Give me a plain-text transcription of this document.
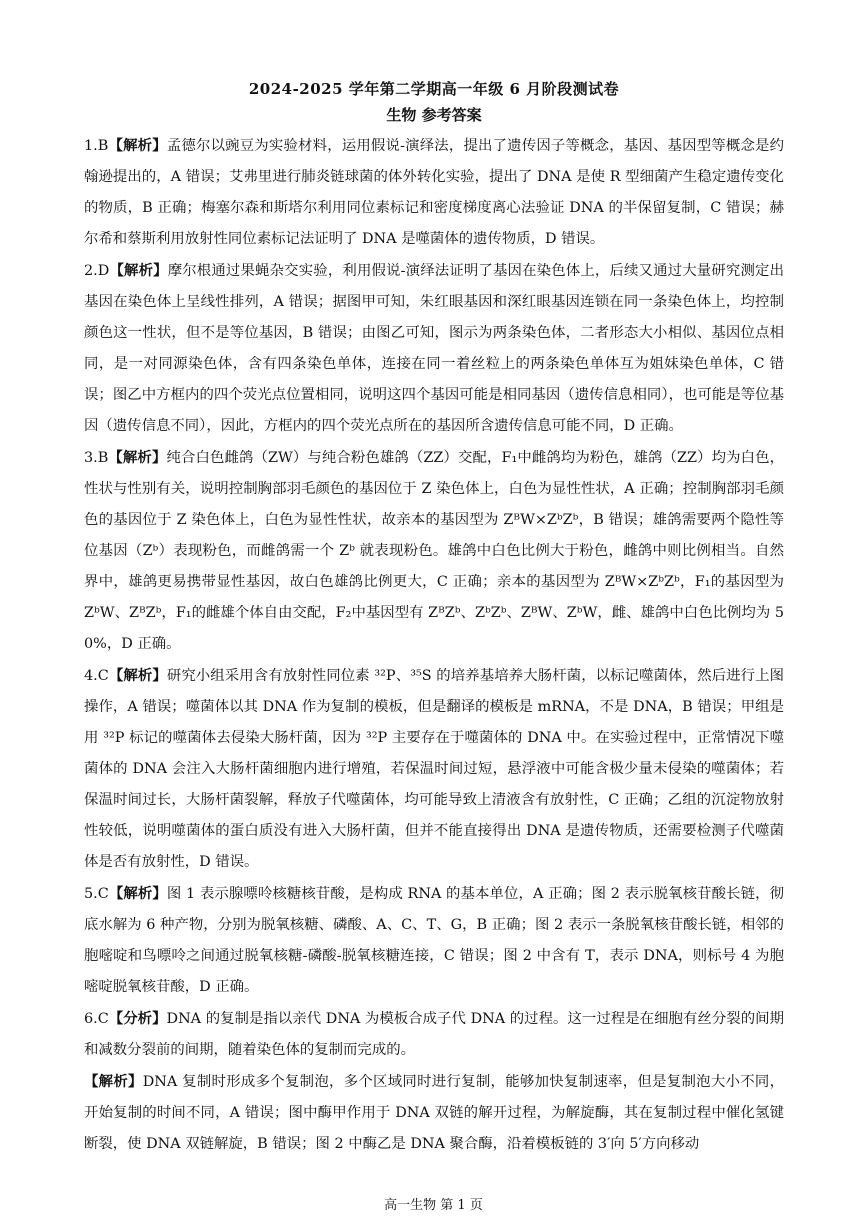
2024-2025 学年第二学期高一年级 6 月阶段测试卷

生物 参考答案

1.B【解析】孟德尔以豌豆为实验材料，运用假说-演绎法，提出了遗传因子等概念，基因、基因型等概念是约翰逊提出的，A 错误；艾弗里进行肺炎链球菌的体外转化实验，提出了 DNA 是使 R 型细菌产生稳定遗传变化的物质，B 正确；梅塞尔森和斯塔尔利用同位素标记和密度梯度离心法验证 DNA 的半保留复制，C 错误；赫尔希和蔡斯利用放射性同位素标记法证明了 DNA 是噬菌体的遗传物质，D 错误。

2.D【解析】摩尔根通过果蝇杂交实验，利用假说-演绎法证明了基因在染色体上，后续又通过大量研究测定出基因在染色体上呈线性排列，A 错误；据图甲可知，朱红眼基因和深红眼基因连锁在同一条染色体上，均控制颜色这一性状，但不是等位基因，B 错误；由图乙可知，图示为两条染色体，二者形态大小相似、基因位点相同，是一对同源染色体，含有四条染色单体，连接在同一着丝粒上的两条染色单体互为姐妹染色单体，C 错误；图乙中方框内的四个荧光点位置相同，说明这四个基因可能是相同基因（遗传信息相同），也可能是等位基因（遗传信息不同），因此，方框内的四个荧光点所在的基因所含遗传信息可能不同，D 正确。

3.B【解析】纯合白色雌鸽（ZW）与纯合粉色雄鸽（ZZ）交配，F₁中雌鸽均为粉色，雄鸽（ZZ）均为白色，性状与性别有关，说明控制胸部羽毛颜色的基因位于 Z 染色体上，白色为显性性状，A 正确；控制胸部羽毛颜色的基因位于 Z 染色体上，白色为显性性状，故亲本的基因型为 ZᴮW×ZᵇZᵇ，B 错误；雄鸽需要两个隐性等位基因（Zᵇ）表现粉色，而雌鸽需一个 Zᵇ 就表现粉色。雄鸽中白色比例大于粉色，雌鸽中则比例相当。自然界中，雄鸽更易携带显性基因，故白色雄鸽比例更大，C 正确；亲本的基因型为 ZᴮW×ZᵇZᵇ，F₁的基因型为 ZᵇW、ZᴮZᵇ，F₁的雌雄个体自由交配，F₂中基因型有 ZᴮZᵇ、ZᵇZᵇ、ZᴮW、ZᵇW，雌、雄鸽中白色比例均为 50%，D 正确。

4.C【解析】研究小组采用含有放射性同位素 ³²P、³⁵S 的培养基培养大肠杆菌，以标记噬菌体，然后进行上图操作，A 错误；噬菌体以其 DNA 作为复制的模板，但是翻译的模板是 mRNA，不是 DNA，B 错误；甲组是用 ³²P 标记的噬菌体去侵染大肠杆菌，因为 ³²P 主要存在于噬菌体的 DNA 中。在实验过程中，正常情况下噬菌体的 DNA 会注入大肠杆菌细胞内进行增殖，若保温时间过短，悬浮液中可能含极少量未侵染的噬菌体；若保温时间过长，大肠杆菌裂解，释放子代噬菌体，均可能导致上清液含有放射性，C 正确；乙组的沉淀物放射性较低，说明噬菌体的蛋白质没有进入大肠杆菌，但并不能直接得出 DNA 是遗传物质，还需要检测子代噬菌体是否有放射性，D 错误。

5.C【解析】图 1 表示腺嘌呤核糖核苷酸，是构成 RNA 的基本单位，A 正确；图 2 表示脱氧核苷酸长链，彻底水解为 6 种产物，分别为脱氧核糖、磷酸、A、C、T、G，B 正确；图 2 表示一条脱氧核苷酸长链，相邻的胞嘧啶和鸟嘌呤之间通过脱氧核糖-磷酸-脱氧核糖连接，C 错误；图 2 中含有 T，表示 DNA，则标号 4 为胞嘧啶脱氧核苷酸，D 正确。

6.C【分析】DNA 的复制是指以亲代 DNA 为模板合成子代 DNA 的过程。这一过程是在细胞有丝分裂的间期和减数分裂前的间期，随着染色体的复制而完成的。

【解析】DNA 复制时形成多个复制泡，多个区域同时进行复制，能够加快复制速率，但是复制泡大小不同，开始复制的时间不同，A 错误；图中酶甲作用于 DNA 双链的解开过程，为解旋酶，其在复制过程中催化氢键断裂，使 DNA 双链解旋，B 错误；图 2 中酶乙是 DNA 聚合酶，沿着模板链的 3′向 5′方向移动

高一生物 第 1 页
